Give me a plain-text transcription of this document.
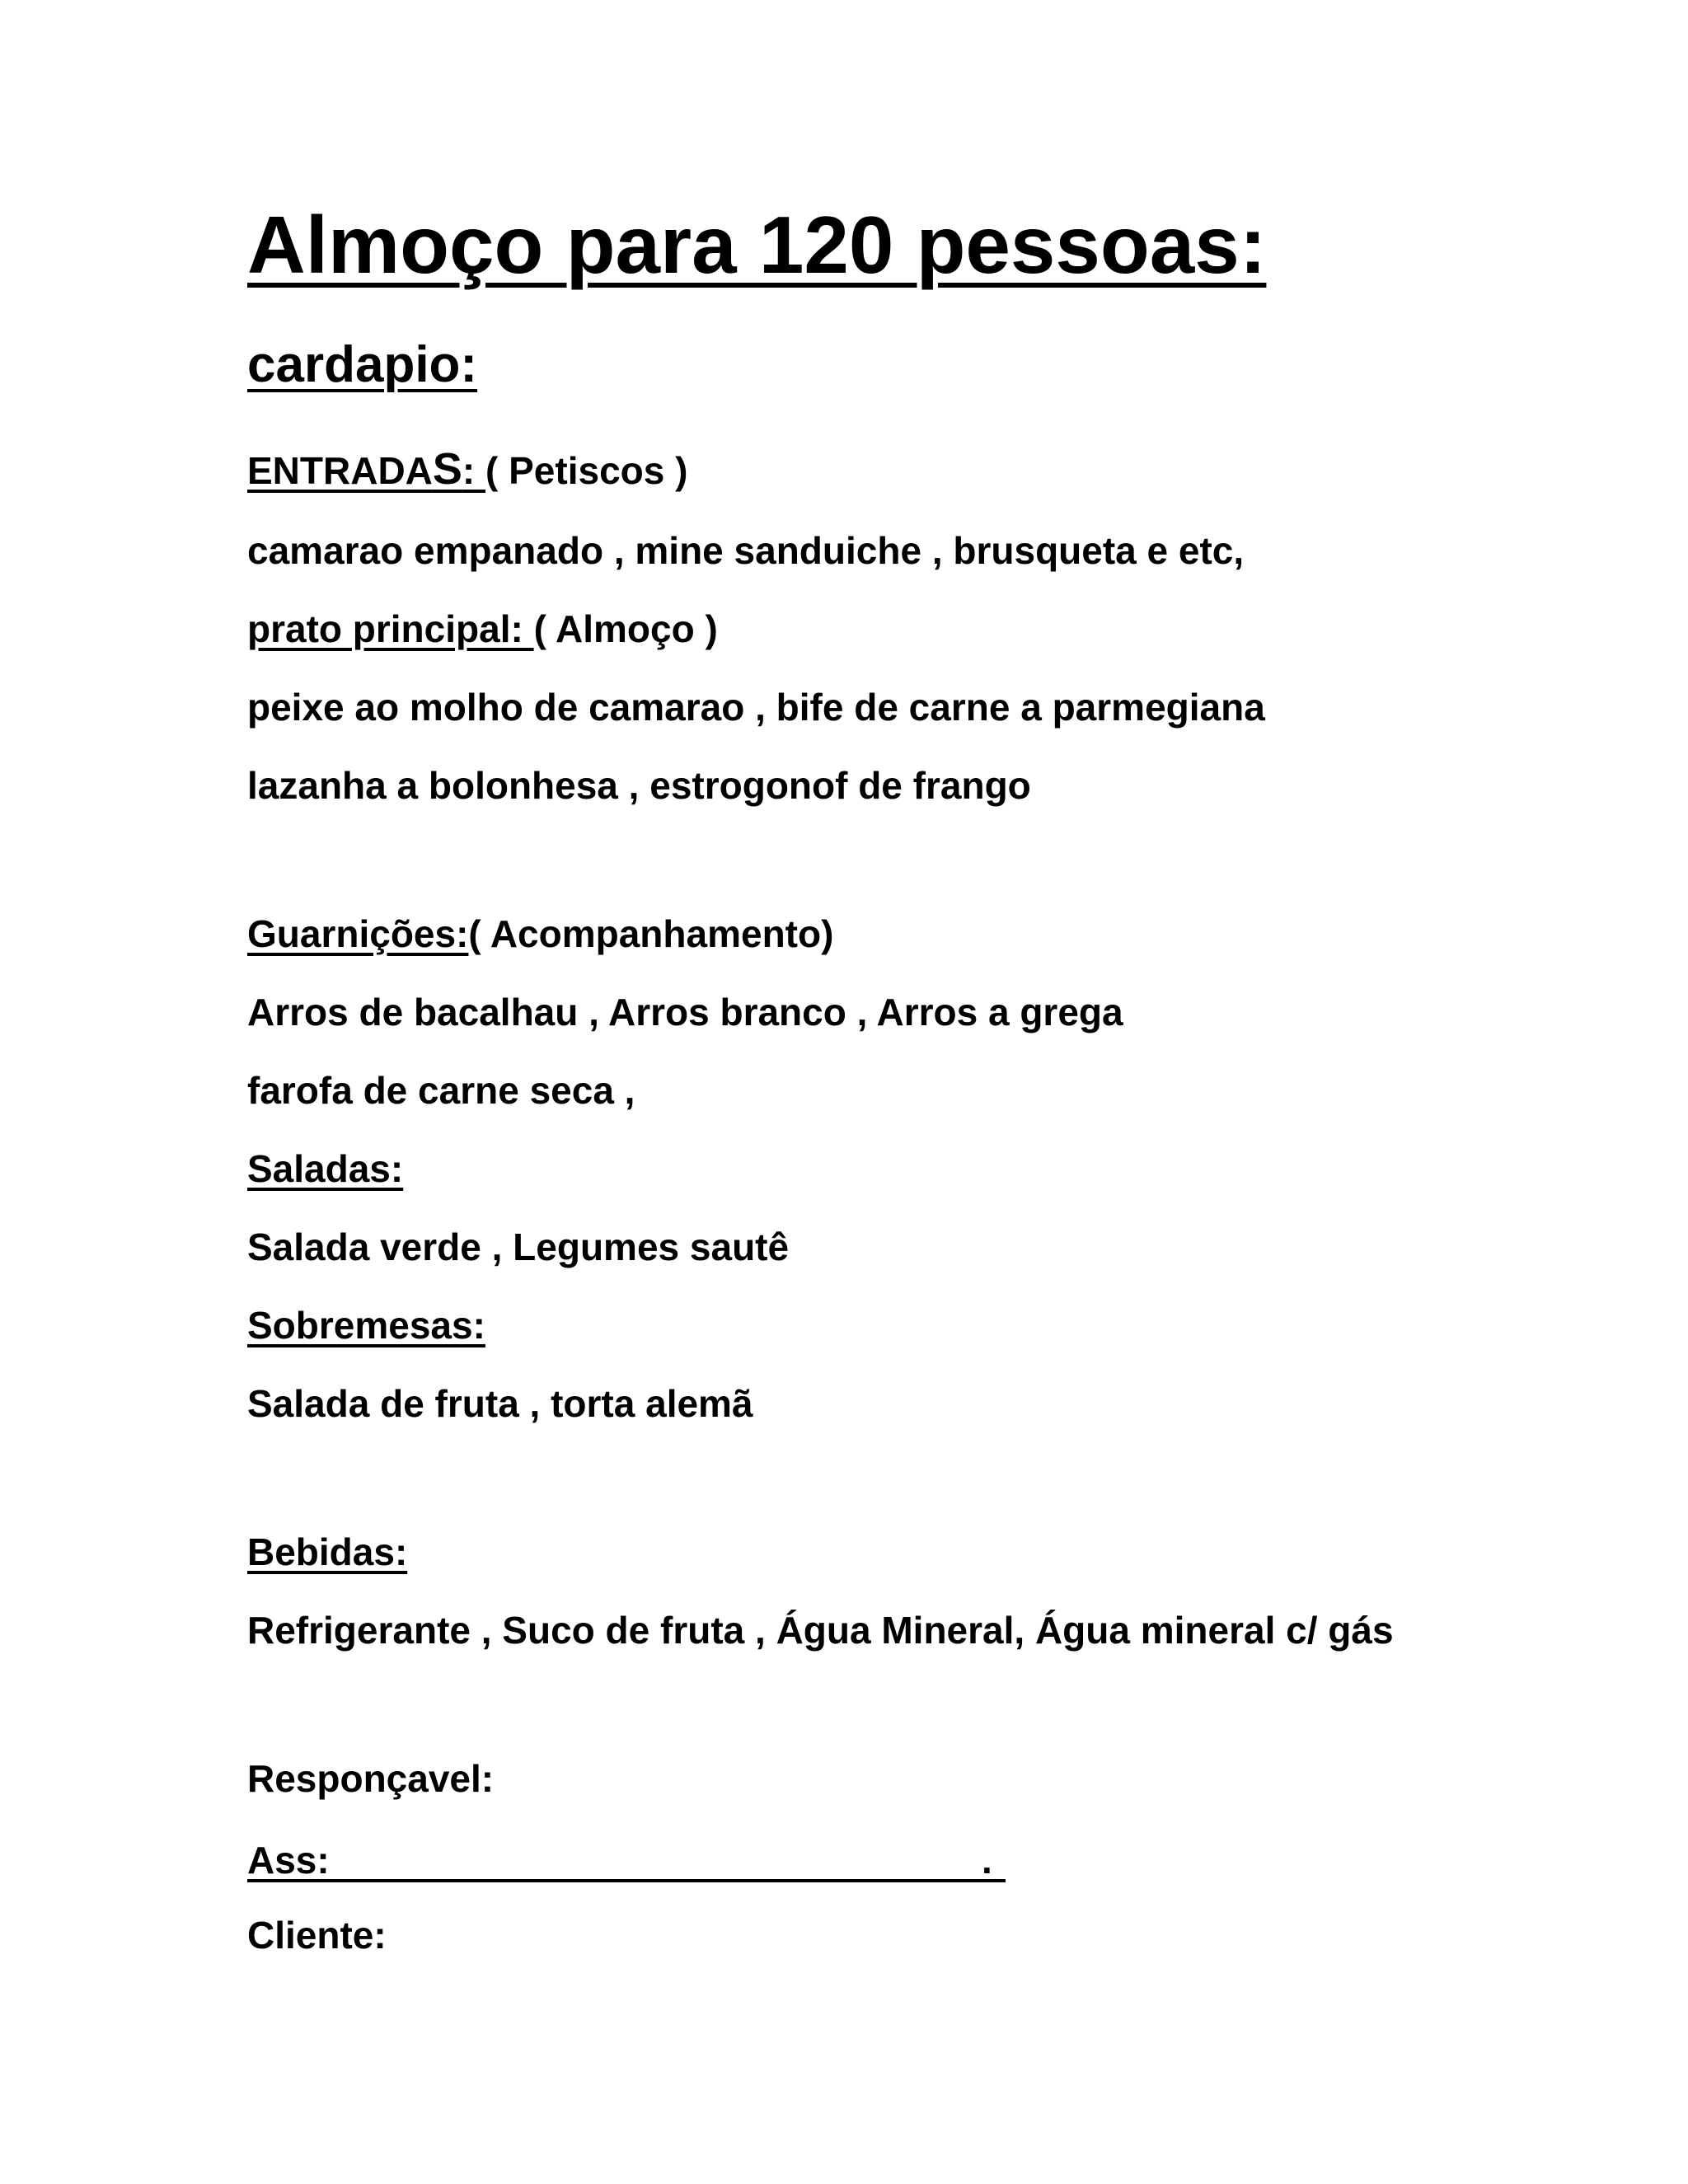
Almoço para 120 pessoas:
cardapio:
ENTRADAS: ( Petiscos )
camarao empanado , mine sanduiche , brusqueta e etc,
prato principal: ( Almoço )
peixe ao molho de camarao , bife de carne a parmegiana
lazanha a bolonhesa , estrogonof de frango
Guarnições:( Acompanhamento)
Arros de bacalhau , Arros branco , Arros a grega
farofa de carne seca ,
Saladas:
Salada verde , Legumes sautê
Sobremesas:
Salada de fruta , torta alemã
Bebidas:
Refrigerante , Suco de fruta , Água Mineral, Água mineral c/ gás
Responçavel:
Ass:	.
Cliente:
